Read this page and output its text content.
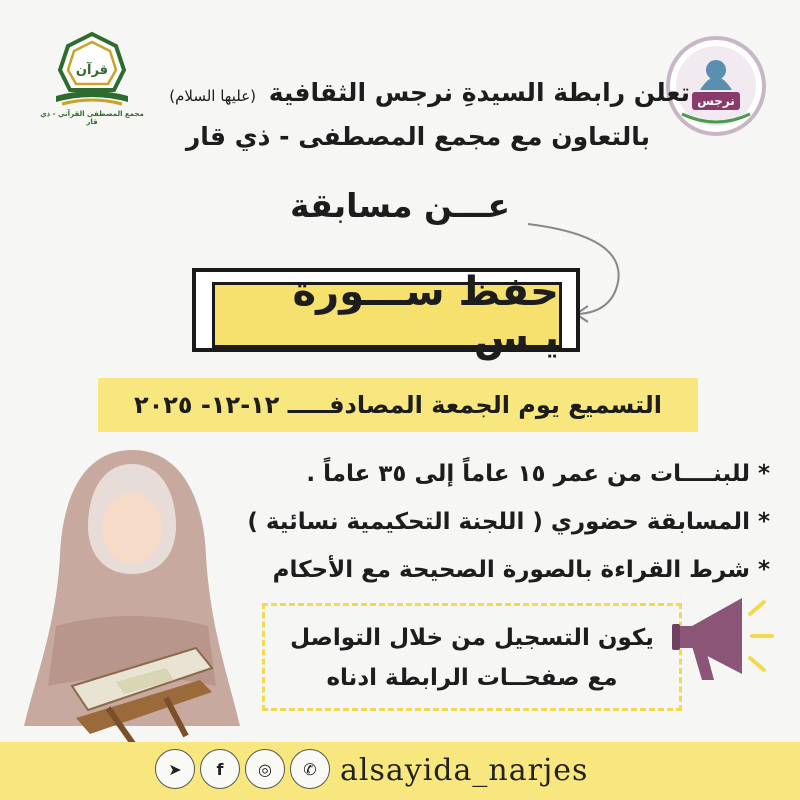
قرآن
مجمع المصطفى القرآني - ذي قار
نرجس
تعلن رابطة السيدةِ نرجس الثقافية (عليها السلام)
بالتعاون مع مجمع المصطفى - ذي قار
عـــن مسابقة
حفظ ســـورة يـس
التسميع يوم الجمعة المصادفـــــ ١٢-١٢- ٢٠٢٥
*للبنــــات من عمر ١٥ عاماً إلى ٣٥ عاماً .
*المسابقة حضوري ( اللجنة التحكيمية نسائية )
*شرط القراءة بالصورة الصحيحة مع الأحكام
يكون التسجيل من خلال التواصل
مع صفحــات الرابطة ادناه
➤	f	◎	✆ alsayida_narjes
